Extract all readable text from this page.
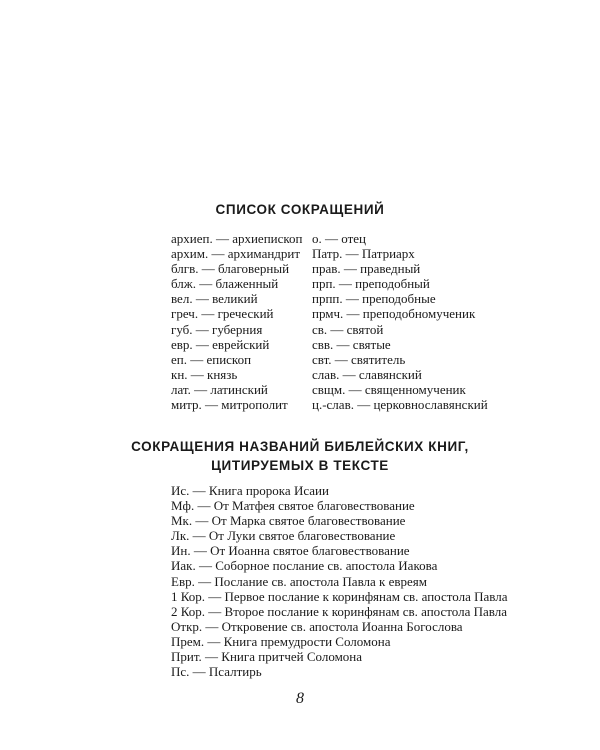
СПИСОК СОКРАЩЕНИЙ
архиеп. — архиепископ
архим. — архимандрит
блгв. — благоверный
блж. — блаженный
вел. — великий
греч. — греческий
губ. — губерния
евр. — еврейский
еп. — епископ
кн. — князь
лат. — латинский
митр. — митрополит
о. — отец
Патр. — Патриарх
прав. — праведный
прп. — преподобный
прпп. — преподобные
прмч. — преподобномученик
св. — святой
свв. — святые
свт. — святитель
слав. — славянский
свщм. — священномученик
ц.-слав. — церковнославянский
СОКРАЩЕНИЯ НАЗВАНИЙ БИБЛЕЙСКИХ КНИГ,
ЦИТИРУЕМЫХ В ТЕКСТЕ
Ис. — Книга пророка Исаии
Мф. — От Матфея святое благовествование
Мк. — От Марка святое благовествование
Лк. — От Луки святое благовествование
Ин. — От Иоанна святое благовествование
Иак. — Соборное послание св. апостола Иакова
Евр. — Послание св. апостола Павла к евреям
1 Кор. — Первое послание к коринфянам св. апостола Павла
2 Кор. — Второе послание к коринфянам св. апостола Павла
Откр. — Откровение св. апостола Иоанна Богослова
Прем. — Книга премудрости Соломона
Прит. — Книга притчей Соломона
Пс. — Псалтирь
8
